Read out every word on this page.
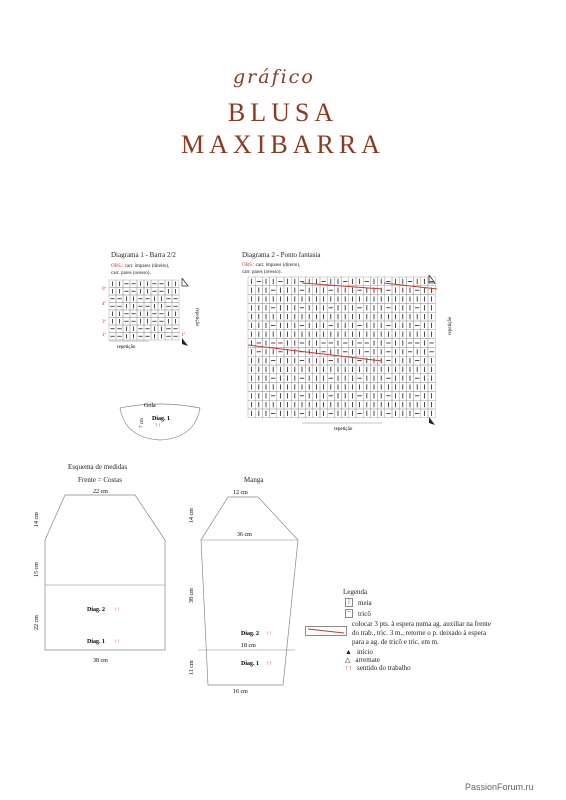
gráfico
BLUSA
MAXIBARRA
Diagrama 1 - Barra 2/2
OBS.: carr. ímpares (direito),
carr. pares (avesso).
6ª
4ª
3ª
1ª	1ª
repetição
repetição
Diagrama 2 - Ponto fantasia
OBS.: carr. ímpares (direito),
carr. pares (avesso).
repetição
repetição
Gola
7 cm Diag. 1
↑↑
Esquema de medidas
Frente = Costas
22 cm
14 cm
15 cm
22 cm
Diag. 2 ↑↑
Diag. 1 ↑↑
38 cm
Manga
12 cm
36 cm
14 cm
38 cm
11 cm
Diag. 2 ↑↑
18 cm
Diag. 1 ↑↑
16 cm
Legenda
|	meia
–	tricô
colocar 3 pts. à espera numa ag. auxiliar na frente
do trab., tric. 3 m., retorne o p. deixado à espera
para a ag. de tricô e tric. em m.
▲ início
△ arremate
↑↑ sentido do trabalho
PassionForum.ru
